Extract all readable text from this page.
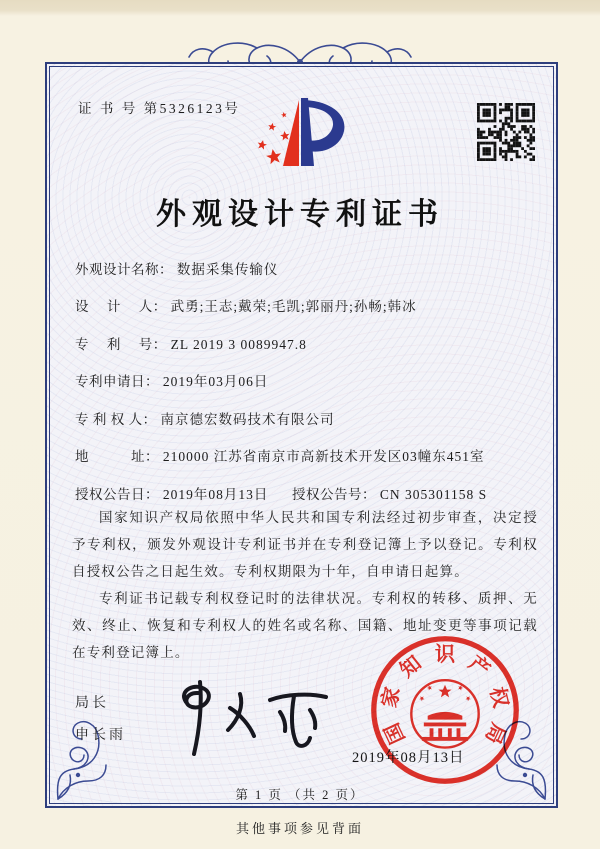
证 书 号 第5326123号
外观设计专利证书
外观设计名称： 数据采集传输仪
设　 计　 人： 武勇;王志;戴荣;毛凯;郭丽丹;孙畅;韩冰
专　 利　 号： ZL 2019 3 0089947.8
专利申请日： 2019年03月06日
专 利 权 人： 南京德宏数码技术有限公司
地　　　址： 210000 江苏省南京市高新技术开发区03幢东451室
授权公告日： 2019年08月13日 授权公告号： CN 305301158 S

国家知识产权局依照中华人民共和国专利法经过初步审查，决定授予专利权，颁发外观设计专利证书并在专利登记簿上予以登记。专利权自授权公告之日起生效。专利权期限为十年，自申请日起算。

专利证书记载专利权登记时的法律状况。专利权的转移、质押、无效、终止、恢复和专利权人的姓名或名称、国籍、地址变更等事项记载在专利登记簿上。

局长
申长雨	国
家
知 识 产
权
局
2019年08月13日
第 1 页 （共 2 页）
其他事项参见背面
